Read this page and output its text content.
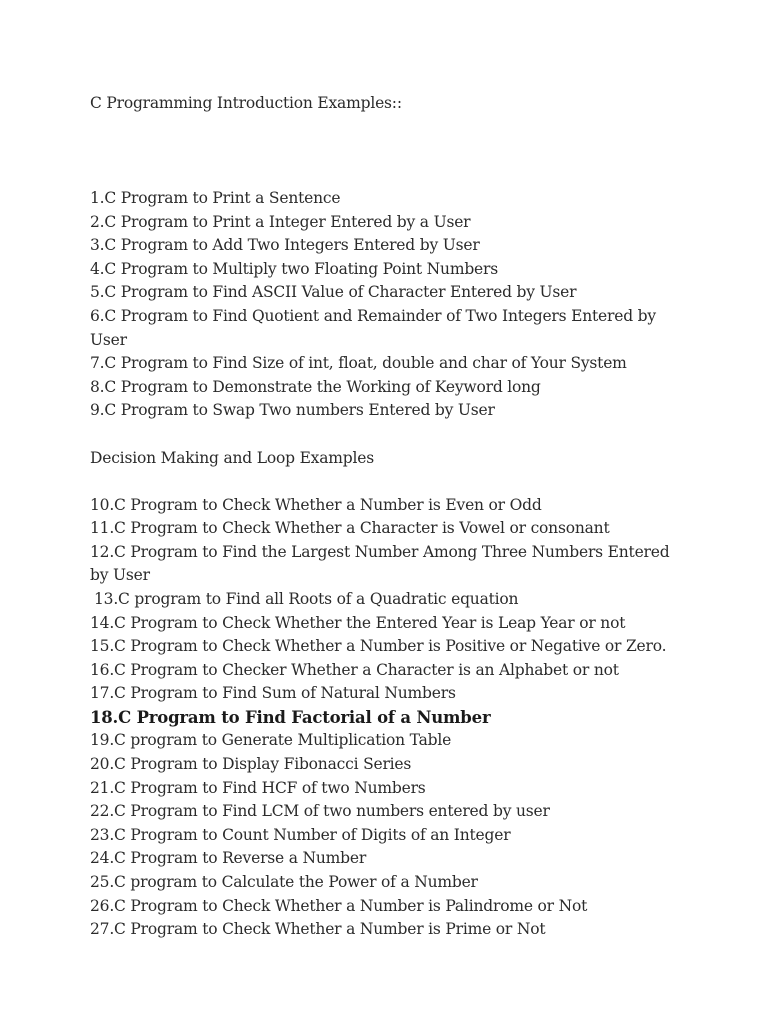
C Programming Introduction Examples::

1.C Program to Print a Sentence
2.C Program to Print a Integer Entered by a User
3.C Program to Add Two Integers Entered by User
4.C Program to Multiply two Floating Point Numbers
5.C Program to Find ASCII Value of Character Entered by User
6.C Program to Find Quotient and Remainder of Two Integers Entered by User
7.C Program to Find Size of int, float, double and char of Your System
8.C Program to Demonstrate the Working of Keyword long
9.C Program to Swap Two numbers Entered by User

Decision Making and Loop Examples

10.C Program to Check Whether a Number is Even or Odd
11.C Program to Check Whether a Character is Vowel or consonant
12.C Program to Find the Largest Number Among Three Numbers Entered by User
13.C program to Find all Roots of a Quadratic equation
14.C Program to Check Whether the Entered Year is Leap Year or not
15.C Program to Check Whether a Number is Positive or Negative or Zero.
16.C Program to Checker Whether a Character is an Alphabet or not
17.C Program to Find Sum of Natural Numbers
18.C Program to Find Factorial of a Number
19.C program to Generate Multiplication Table
20.C Program to Display Fibonacci Series
21.C Program to Find HCF of two Numbers
22.C Program to Find LCM of two numbers entered by user
23.C Program to Count Number of Digits of an Integer
24.C Program to Reverse a Number
25.C program to Calculate the Power of a Number
26.C Program to Check Whether a Number is Palindrome or Not
27.C Program to Check Whether a Number is Prime or Not
